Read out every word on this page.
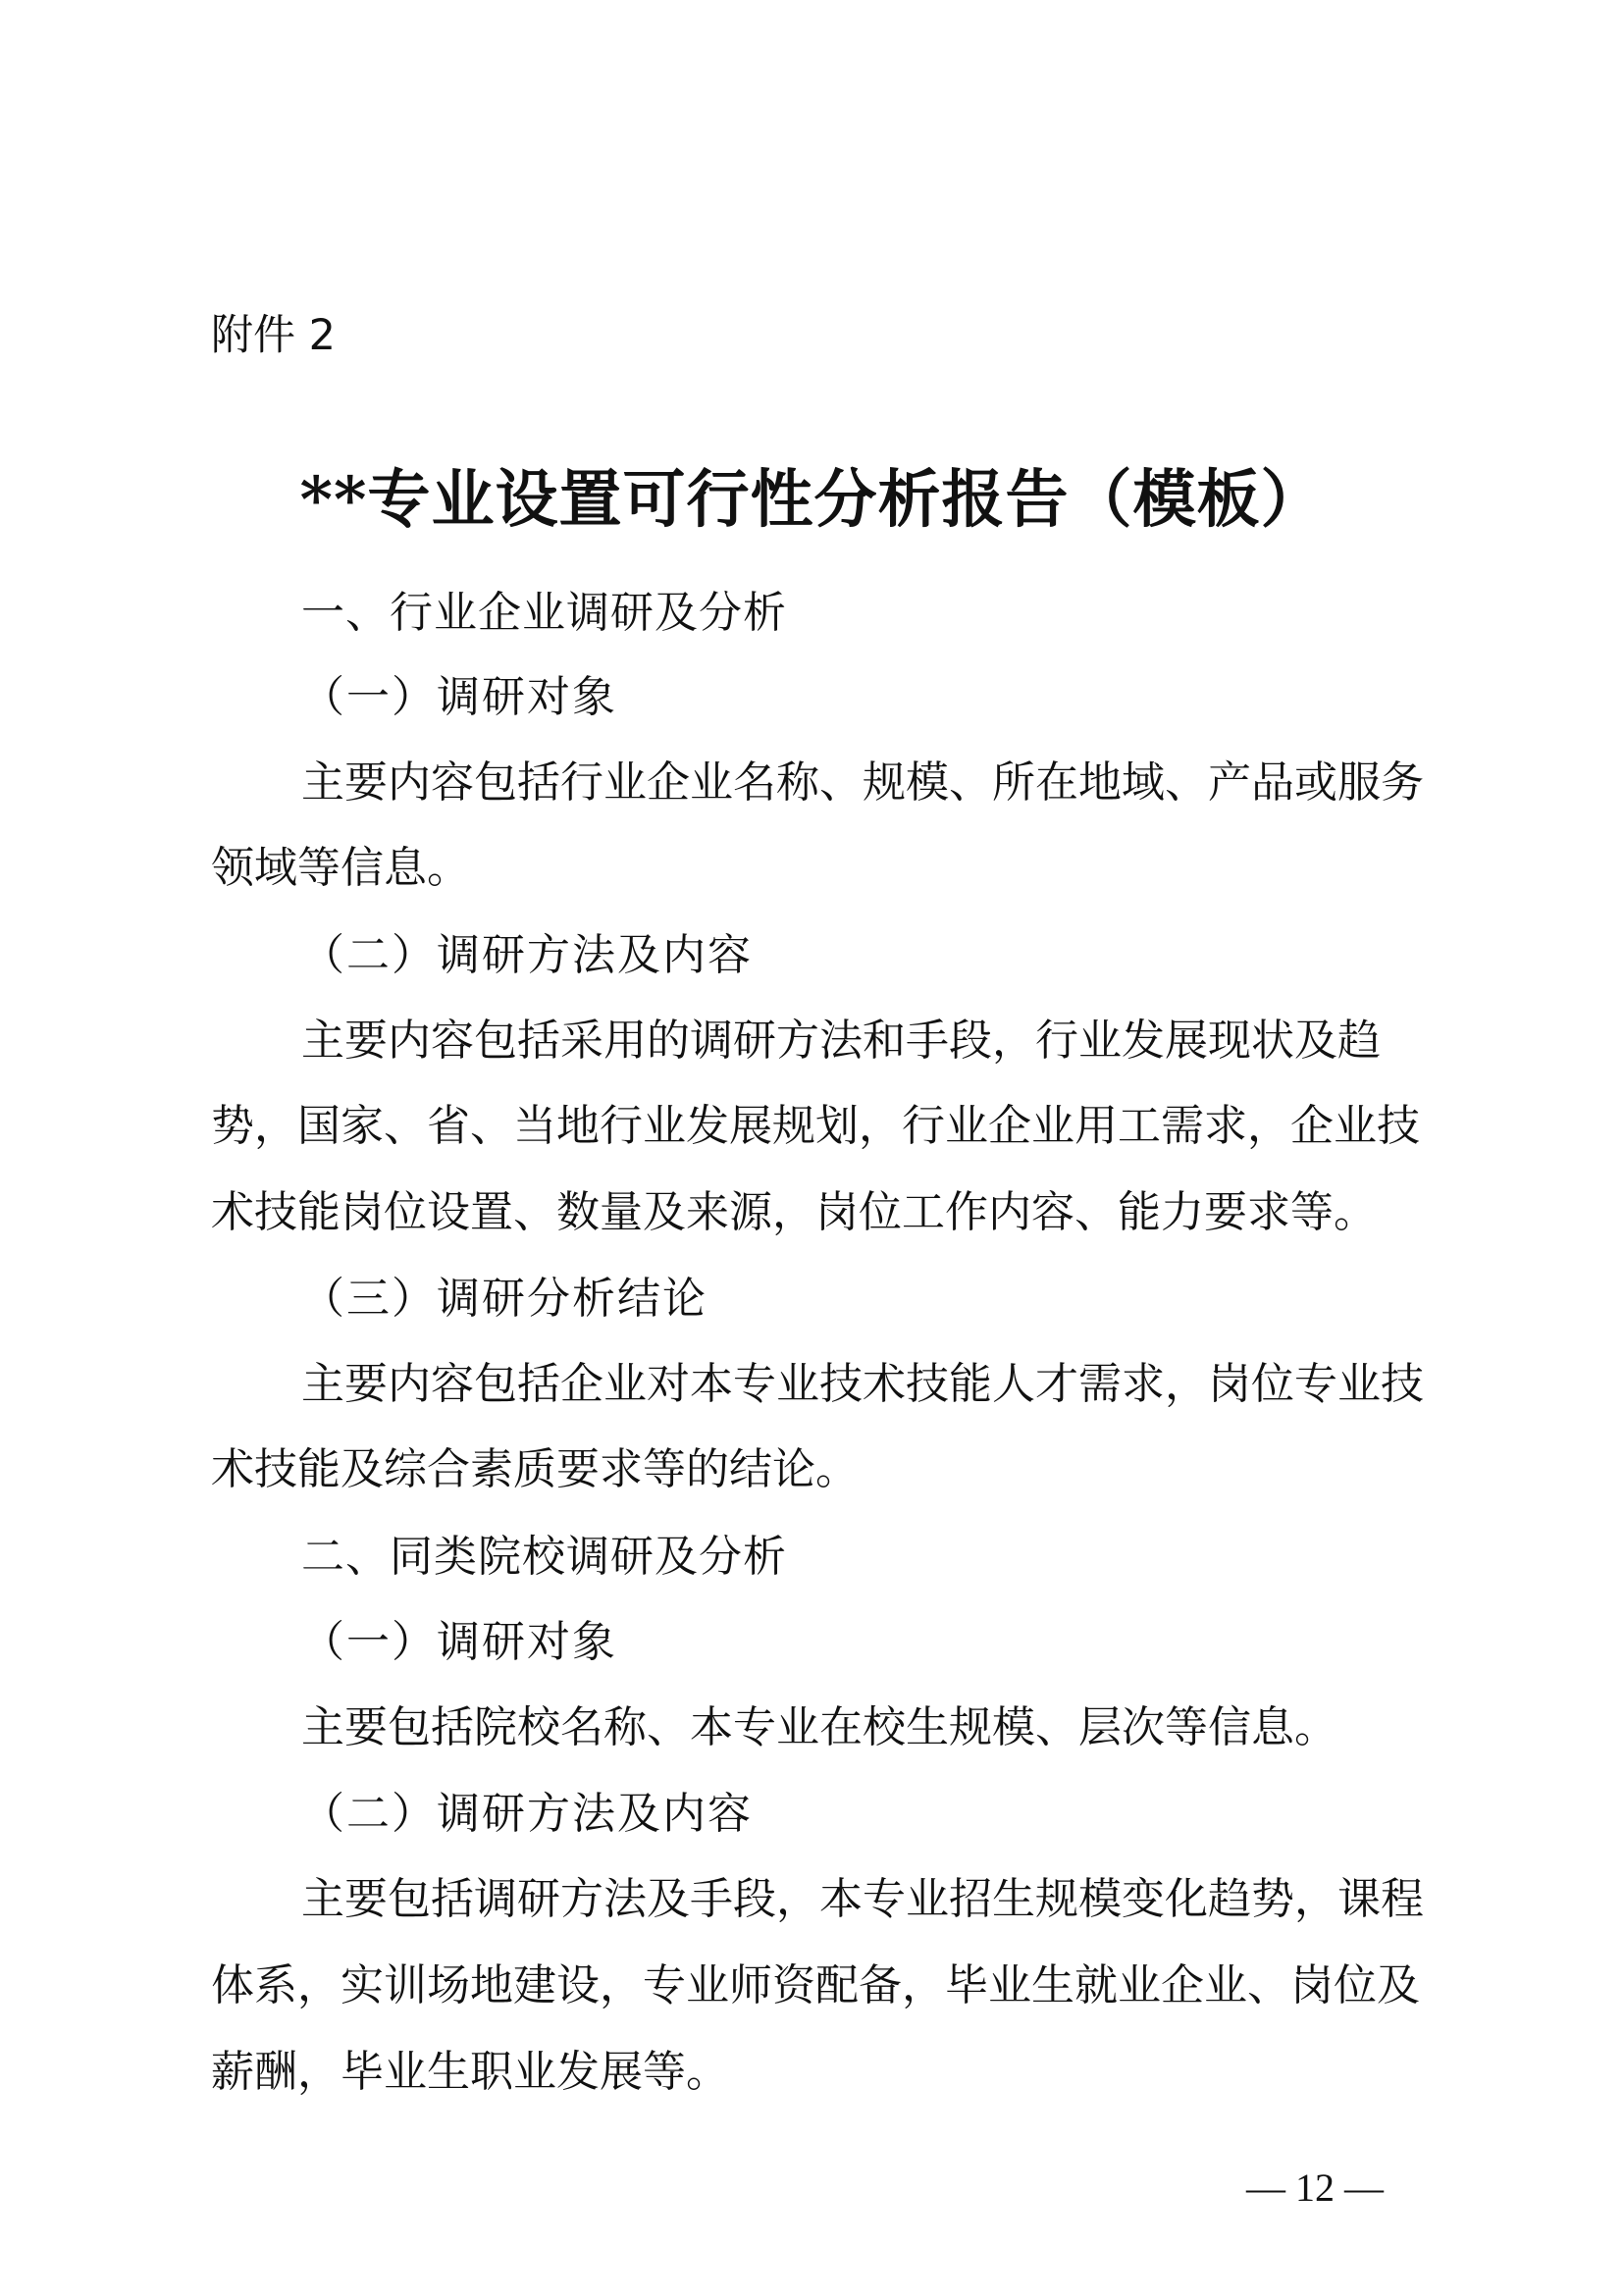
附件 2
**专业设置可行性分析报告（模板）
一、行业企业调研及分析
（一）调研对象
主要内容包括行业企业名称、规模、所在地域、产品或服务
领域等信息。
（二）调研方法及内容
主要内容包括采用的调研方法和手段，行业发展现状及趋
势，国家、省、当地行业发展规划，行业企业用工需求，企业技
术技能岗位设置、数量及来源，岗位工作内容、能力要求等。
（三）调研分析结论
主要内容包括企业对本专业技术技能人才需求，岗位专业技
术技能及综合素质要求等的结论。
二、同类院校调研及分析
（一）调研对象
主要包括院校名称、本专业在校生规模、层次等信息。
（二）调研方法及内容
主要包括调研方法及手段，本专业招生规模变化趋势，课程
体系，实训场地建设，专业师资配备，毕业生就业企业、岗位及
薪酬，毕业生职业发展等。
— 12 —
